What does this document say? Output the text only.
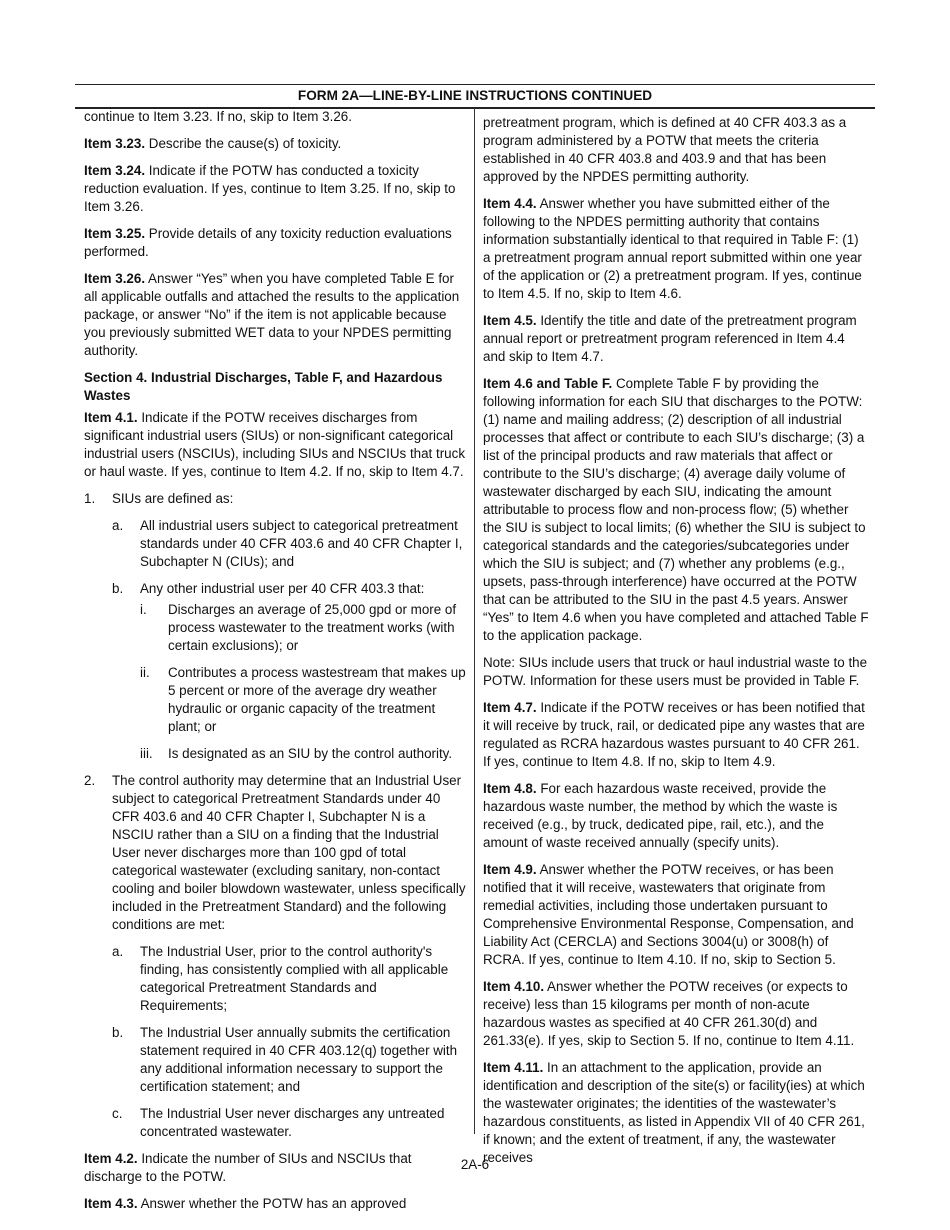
FORM 2A—LINE-BY-LINE INSTRUCTIONS CONTINUED

continue to Item 3.23. If no, skip to Item 3.26.

Item 3.23. Describe the cause(s) of toxicity.

Item 3.24. Indicate if the POTW has conducted a toxicity reduction evaluation. If yes, continue to Item 3.25. If no, skip to Item 3.26.

Item 3.25. Provide details of any toxicity reduction evaluations performed.

Item 3.26. Answer “Yes” when you have completed Table E for all applicable outfalls and attached the results to the application package, or answer “No” if the item is not applicable because you previously submitted WET data to your NPDES permitting authority.

Section 4. Industrial Discharges, Table F, and Hazardous Wastes

Item 4.1. Indicate if the POTW receives discharges from significant industrial users (SIUs) or non-significant categorical industrial users (NSCIUs), including SIUs and NSCIUs that truck or haul waste. If yes, continue to Item 4.2. If no, skip to Item 4.7.

1.	SIUs are defined as:
a.	All industrial users subject to categorical pretreatment standards under 40 CFR 403.6 and 40 CFR Chapter I, Subchapter N (CIUs); and
b.	Any other industrial user per 40 CFR 403.3 that:
i.	Discharges an average of 25,000 gpd or more of process wastewater to the treatment works (with certain exclusions); or
ii.	Contributes a process wastestream that makes up 5 percent or more of the average dry weather hydraulic or organic capacity of the treatment plant; or
iii.	Is designated as an SIU by the control authority.
2.	The control authority may determine that an Industrial User subject to categorical Pretreatment Standards under 40 CFR 403.6 and 40 CFR Chapter I, Subchapter N is a NSCIU rather than a SIU on a finding that the Industrial User never discharges more than 100 gpd of total categorical wastewater (excluding sanitary, non-contact cooling and boiler blowdown wastewater, unless specifically included in the Pretreatment Standard) and the following conditions are met:
a.	The Industrial User, prior to the control authority's finding, has consistently complied with all applicable categorical Pretreatment Standards and Requirements;
b.	The Industrial User annually submits the certification statement required in 40 CFR 403.12(q) together with any additional information necessary to support the certification statement; and
c.	The Industrial User never discharges any untreated concentrated wastewater.

Item 4.2. Indicate the number of SIUs and NSCIUs that discharge to the POTW.

Item 4.3. Answer whether the POTW has an approved

pretreatment program, which is defined at 40 CFR 403.3 as a program administered by a POTW that meets the criteria established in 40 CFR 403.8 and 403.9 and that has been approved by the NPDES permitting authority.

Item 4.4. Answer whether you have submitted either of the following to the NPDES permitting authority that contains information substantially identical to that required in Table F: (1) a pretreatment program annual report submitted within one year of the application or (2) a pretreatment program. If yes, continue to Item 4.5. If no, skip to Item 4.6.

Item 4.5. Identify the title and date of the pretreatment program annual report or pretreatment program referenced in Item 4.4 and skip to Item 4.7.

Item 4.6 and Table F. Complete Table F by providing the following information for each SIU that discharges to the POTW: (1) name and mailing address; (2) description of all industrial processes that affect or contribute to each SIU’s discharge; (3) a list of the principal products and raw materials that affect or contribute to the SIU’s discharge; (4) average daily volume of wastewater discharged by each SIU, indicating the amount attributable to process flow and non-process flow; (5) whether the SIU is subject to local limits; (6) whether the SIU is subject to categorical standards and the categories/subcategories under which the SIU is subject; and (7) whether any problems (e.g., upsets, pass-through interference) have occurred at the POTW that can be attributed to the SIU in the past 4.5 years. Answer “Yes” to Item 4.6 when you have completed and attached Table F to the application package.

Note: SIUs include users that truck or haul industrial waste to the POTW. Information for these users must be provided in Table F.

Item 4.7. Indicate if the POTW receives or has been notified that it will receive by truck, rail, or dedicated pipe any wastes that are regulated as RCRA hazardous wastes pursuant to 40 CFR 261. If yes, continue to Item 4.8. If no, skip to Item 4.9.

Item 4.8. For each hazardous waste received, provide the hazardous waste number, the method by which the waste is received (e.g., by truck, dedicated pipe, rail, etc.), and the amount of waste received annually (specify units).

Item 4.9. Answer whether the POTW receives, or has been notified that it will receive, wastewaters that originate from remedial activities, including those undertaken pursuant to Comprehensive Environmental Response, Compensation, and Liability Act (CERCLA) and Sections 3004(u) or 3008(h) of RCRA. If yes, continue to Item 4.10. If no, skip to Section 5.

Item 4.10. Answer whether the POTW receives (or expects to receive) less than 15 kilograms per month of non-acute hazardous wastes as specified at 40 CFR 261.30(d) and 261.33(e). If yes, skip to Section 5. If no, continue to Item 4.11.

Item 4.11. In an attachment to the application, provide an identification and description of the site(s) or facility(ies) at which the wastewater originates; the identities of the wastewater’s hazardous constituents, as listed in Appendix VII of 40 CFR 261, if known; and the extent of treatment, if any, the wastewater receives

2A-6
